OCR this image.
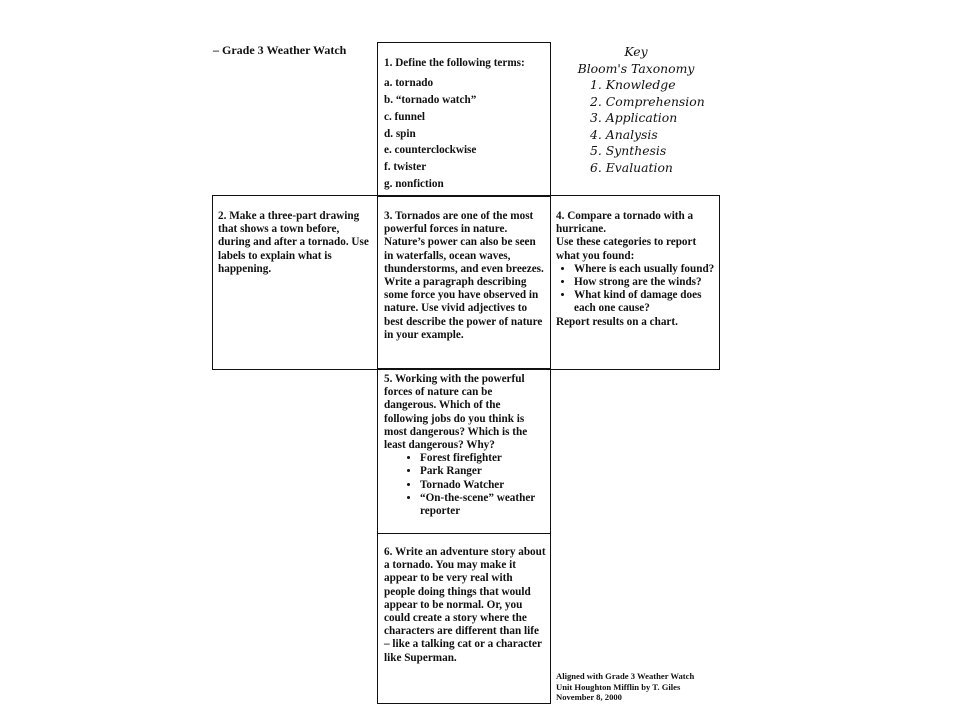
– Grade 3 Weather Watch

1. Define the following terms:

a. tornado
b. “tornado watch”
c. funnel
d. spin
e. counterclockwise
f. twister
g. nonfiction
Key
Bloom's Taxonomy
1. Knowledge
2. Comprehension
3. Application
4. Analysis
5. Synthesis
6. Evaluation

2. Make a three-part drawing that shows a town before, during and after a tornado. Use labels to explain what is happening.

3. Tornados are one of the most powerful forces in nature. Nature’s power can also be seen in waterfalls, ocean waves, thunderstorms, and even breezes. Write a paragraph describing some force you have observed in nature. Use vivid adjectives to best describe the power of nature in your example.

4. Compare a tornado with a hurricane.

Use these categories to report what you found:

• Where is each usually found?
• How strong are the winds?
• What kind of damage does each one cause?

Report results on a chart.

5. Working with the powerful forces of nature can be dangerous. Which of the following jobs do you think is most dangerous? Which is the least dangerous? Why?

• Forest firefighter
• Park Ranger
• Tornado Watcher
• “On-the-scene” weather reporter

6. Write an adventure story about a tornado. You may make it appear to be very real with people doing things that would appear to be normal. Or, you could create a story where the characters are different than life – like a talking cat or a character like Superman.

Aligned with Grade 3 Weather Watch
Unit Houghton Mifflin by T. Giles
November 8, 2000
